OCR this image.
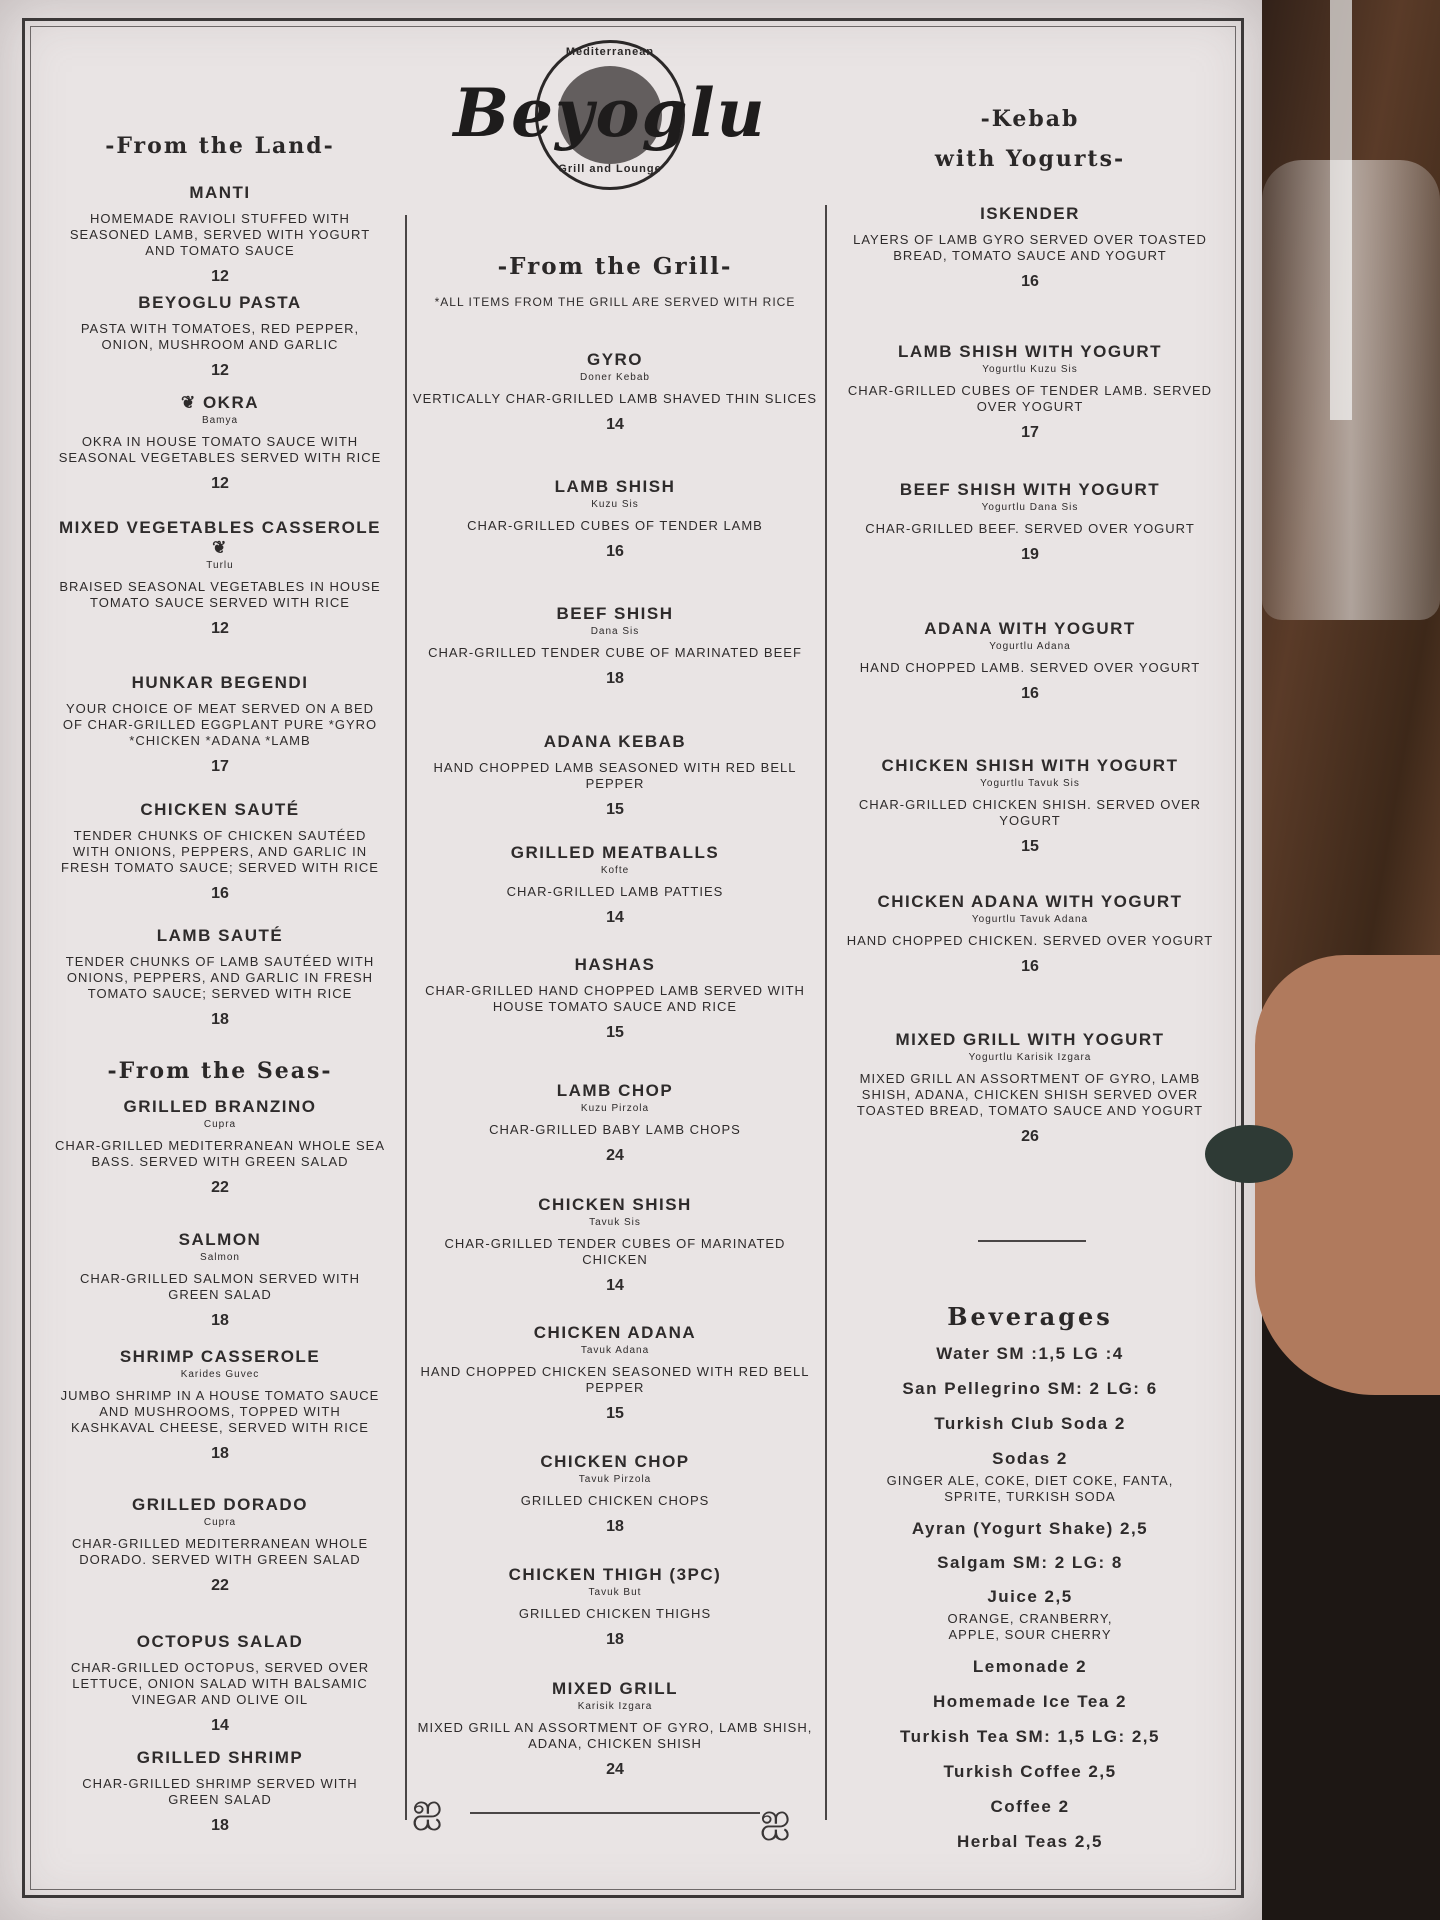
Mediterranean
Grill and Lounge
Beyoglu
ஐ	ஐ
-From the Land-
MANTI
HOMEMADE RAVIOLI STUFFED WITH SEASONED LAMB, SERVED WITH YOGURT AND TOMATO SAUCE
12
BEYOGLU PASTA
PASTA WITH TOMATOES, RED PEPPER, ONION, MUSHROOM AND GARLIC
12
❦ OKRA
Bamya
OKRA IN HOUSE TOMATO SAUCE WITH SEASONAL VEGETABLES SERVED WITH RICE
12
MIXED VEGETABLES CASSEROLE ❦
Turlu
BRAISED SEASONAL VEGETABLES IN HOUSE TOMATO SAUCE SERVED WITH RICE
12
HUNKAR BEGENDI
YOUR CHOICE OF MEAT SERVED ON A BED OF CHAR-GRILLED EGGPLANT PURE *GYRO *CHICKEN *ADANA *LAMB
17
CHICKEN SAUTÉ
TENDER CHUNKS OF CHICKEN SAUTÉED WITH ONIONS, PEPPERS, AND GARLIC IN FRESH TOMATO SAUCE; SERVED WITH RICE
16
LAMB SAUTÉ
TENDER CHUNKS OF LAMB SAUTÉED WITH ONIONS, PEPPERS, AND GARLIC IN FRESH TOMATO SAUCE; SERVED WITH RICE
18
-From the Seas-
GRILLED BRANZINO
Cupra
CHAR-GRILLED MEDITERRANEAN WHOLE SEA BASS. SERVED WITH GREEN SALAD
22
SALMON
Salmon
CHAR-GRILLED SALMON SERVED WITH GREEN SALAD
18
SHRIMP CASSEROLE
Karides Guvec
JUMBO SHRIMP IN A HOUSE TOMATO SAUCE AND MUSHROOMS, TOPPED WITH KASHKAVAL CHEESE, SERVED WITH RICE
18
GRILLED DORADO
Cupra
CHAR-GRILLED MEDITERRANEAN WHOLE DORADO. SERVED WITH GREEN SALAD
22
OCTOPUS SALAD
CHAR-GRILLED OCTOPUS, SERVED OVER LETTUCE, ONION SALAD WITH BALSAMIC VINEGAR AND OLIVE OIL
14
GRILLED SHRIMP
CHAR-GRILLED SHRIMP SERVED WITH GREEN SALAD
18
-From the Grill-
*ALL ITEMS FROM THE GRILL ARE SERVED WITH RICE
GYRO
Doner Kebab
VERTICALLY CHAR-GRILLED LAMB SHAVED THIN SLICES
14
LAMB SHISH
Kuzu Sis
CHAR-GRILLED CUBES OF TENDER LAMB
16
BEEF SHISH
Dana Sis
CHAR-GRILLED TENDER CUBE OF MARINATED BEEF
18
ADANA KEBAB
HAND CHOPPED LAMB SEASONED WITH RED BELL PEPPER
15
GRILLED MEATBALLS
Kofte
CHAR-GRILLED LAMB PATTIES
14
HASHAS
CHAR-GRILLED HAND CHOPPED LAMB SERVED WITH HOUSE TOMATO SAUCE AND RICE
15
LAMB CHOP
Kuzu Pirzola
CHAR-GRILLED BABY LAMB CHOPS
24
CHICKEN SHISH
Tavuk Sis
CHAR-GRILLED TENDER CUBES OF MARINATED CHICKEN
14
CHICKEN ADANA
Tavuk Adana
HAND CHOPPED CHICKEN SEASONED WITH RED BELL PEPPER
15
CHICKEN CHOP
Tavuk Pirzola
GRILLED CHICKEN CHOPS
18
CHICKEN THIGH (3PC)
Tavuk But
GRILLED CHICKEN THIGHS
18
MIXED GRILL
Karisik Izgara
MIXED GRILL AN ASSORTMENT OF GYRO, LAMB SHISH, ADANA, CHICKEN SHISH
24
-Kebab
with Yogurts-
ISKENDER
LAYERS OF LAMB GYRO SERVED OVER TOASTED BREAD, TOMATO SAUCE AND YOGURT
16
LAMB SHISH WITH YOGURT
Yogurtlu Kuzu Sis
CHAR-GRILLED CUBES OF TENDER LAMB. SERVED OVER YOGURT
17
BEEF SHISH WITH YOGURT
Yogurtlu Dana Sis
CHAR-GRILLED BEEF. SERVED OVER YOGURT
19
ADANA WITH YOGURT
Yogurtlu Adana
HAND CHOPPED LAMB. SERVED OVER YOGURT
16
CHICKEN SHISH WITH YOGURT
Yogurtlu Tavuk Sis
CHAR-GRILLED CHICKEN SHISH. SERVED OVER YOGURT
15
CHICKEN ADANA WITH YOGURT
Yogurtlu Tavuk Adana
HAND CHOPPED CHICKEN. SERVED OVER YOGURT
16
MIXED GRILL WITH YOGURT
Yogurtlu Karisik Izgara
MIXED GRILL AN ASSORTMENT OF GYRO, LAMB SHISH, ADANA, CHICKEN SHISH SERVED OVER TOASTED BREAD, TOMATO SAUCE AND YOGURT
26
Beverages
Water SM :1,5 LG :4
San Pellegrino SM: 2 LG: 6
Turkish Club Soda 2
Sodas 2
GINGER ALE, COKE, DIET COKE, FANTA, SPRITE, TURKISH SODA
Ayran (Yogurt Shake) 2,5
Salgam SM: 2 LG: 8
Juice 2,5
ORANGE, CRANBERRY, APPLE, SOUR CHERRY
Lemonade 2
Homemade Ice Tea 2
Turkish Tea SM: 1,5 LG: 2,5
Turkish Coffee 2,5
Coffee 2
Herbal Teas 2,5
